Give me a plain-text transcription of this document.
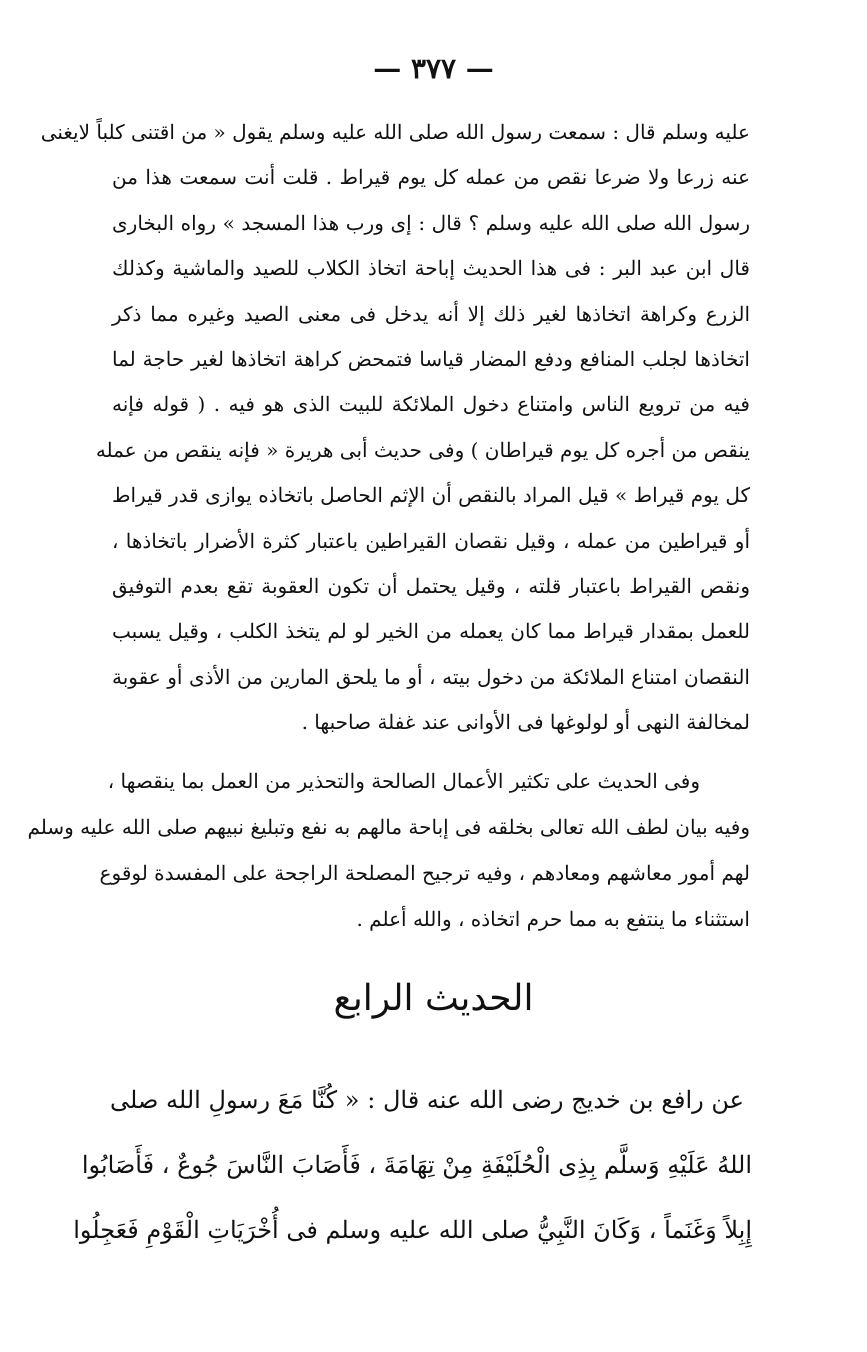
— ٣٧٧ —
عليه وسلم قال : سمعت رسول الله صلى الله عليه وسلم يقول « من اقتنى كلباً لايغنى
عنه زرعا ولا ضرعا نقص من عمله كل يوم قيراط . قلت أنت سمعت هذا من
رسول الله صلى الله عليه وسلم ؟ قال : إى ورب هذا المسجد » رواه البخارى
قال ابن عبد البر : فى هذا الحديث إباحة اتخاذ الكلاب للصيد والماشية وكذلك
الزرع وكراهة اتخاذها لغير ذلك إلا أنه يدخل فى معنى الصيد وغيره مما ذكر
اتخاذها لجلب المنافع ودفع المضار قياسا فتمحض كراهة اتخاذها لغير حاجة لما
فيه من ترويع الناس وامتناع دخول الملائكة للبيت الذى هو فيه . ( قوله فإنه
ينقص من أجره كل يوم قيراطان ) وفى حديث أبى هريرة « فإنه ينقص من عمله
كل يوم قيراط » قيل المراد بالنقص أن الإثم الحاصل باتخاذه يوازى قدر قيراط
أو قيراطين من عمله ، وقيل نقصان القيراطين باعتبار كثرة الأضرار باتخاذها ،
ونقص القيراط باعتبار قلته ، وقيل يحتمل أن تكون العقوبة تقع بعدم التوفيق
للعمل بمقدار قيراط مما كان يعمله من الخير لو لم يتخذ الكلب ، وقيل يسبب
النقصان امتناع الملائكة من دخول بيته ، أو ما يلحق المارين من الأذى أو عقوبة
لمخالفة النهى أو لولوغها فى الأوانى عند غفلة صاحبها .
وفى الحديث على تكثير الأعمال الصالحة والتحذير من العمل بما ينقصها ،
وفيه بيان لطف الله تعالى بخلقه فى إباحة مالهم به نفع وتبليغ نبيهم صلى الله عليه وسلم
لهم أمور معاشهم ومعادهم ، وفيه ترجيح المصلحة الراجحة على المفسدة لوقوع
استثناء ما ينتفع به مما حرم اتخاذه ، والله أعلم .
الحديث الرابع
عن رافع بن خديج رضى الله عنه قال : « كُنَّا مَعَ رسولِ الله صلى
اللهُ عَلَيْهِ وَسلَّم بِذِى الْحُلَيْفَةِ مِنْ تِهَامَةَ ، فَأَصَابَ النَّاسَ جُوعٌ ، فَأَصَابُوا
إِبِلاً وَغَنَماً ، وَكَانَ النَّبِيُّ صلى الله عليه وسلم فى أُخْرَيَاتِ الْقَوْمِ فَعَجِلُوا
